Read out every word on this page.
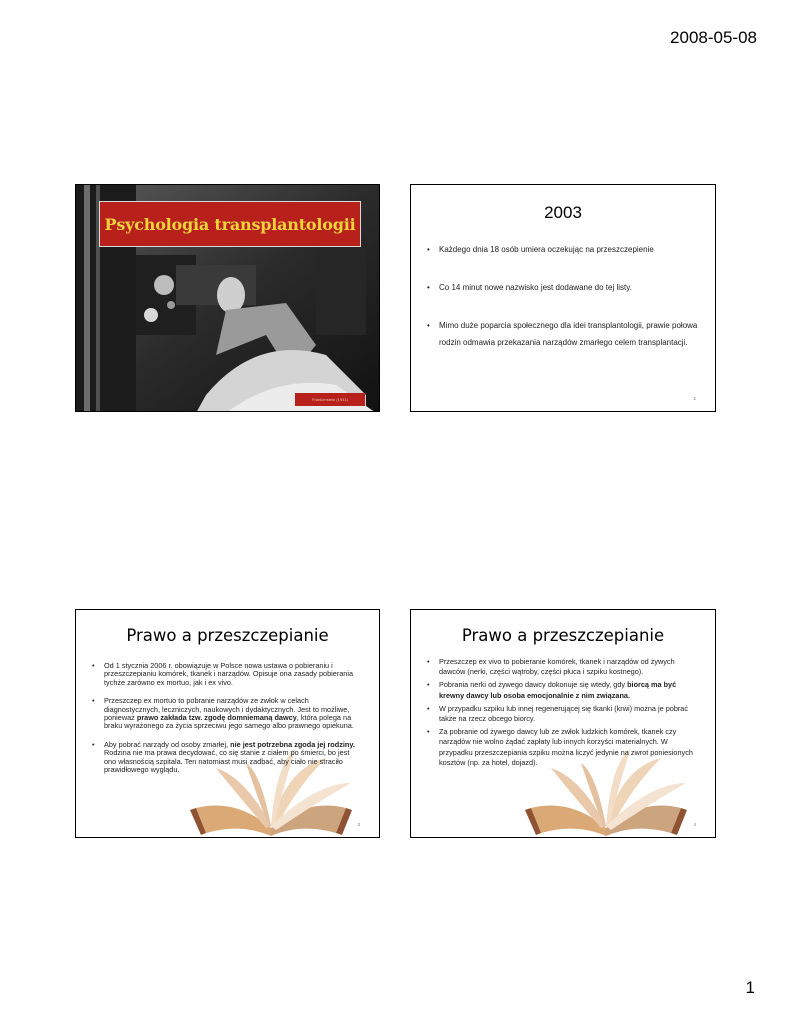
2008-05-08
Psychologia transplantologii
Frankenstein (1931)
2003
• Każdego dnia 18 osób umiera oczekując na przeszczepienie
• Co 14 minut nowe nazwisko jest dodawane do tej listy.
• Mimo duże poparcia społecznego dla idei transplantologii, prawie połowa rodzin odmawia przekazania narządów zmarłego celem transplantacji.
2
Prawo a przeszczepianie
• Od 1 stycznia 2006 r. obowiązuje w Polsce nowa ustawa o pobieraniu i przeszczepianiu komórek, tkanek i narządów. Opisuje ona zasady pobierania tychże zarówno ex mortuo, jak i ex vivo.
• Przeszczep ex mortuo to pobranie narządów ze zwłok w celach diagnostycznych, leczniczych, naukowych i dydaktycznych. Jest to możliwe, ponieważ prawo zakłada tzw. zgodę domniemaną dawcy, która polega na braku wyrażonego za życia sprzeciwu jego samego albo prawnego opiekuna.
• Aby pobrać narządy od osoby zmarłej, nie jest potrzebna zgoda jej rodziny. Rodzina nie ma prawa decydować, co się stanie z ciałem po śmierci, bo jest ono własnością szpitala. Ten natomiast musi zadbać, aby ciało nie straciło prawidłowego wyglądu.
3
Prawo a przeszczepianie
• Przeszczep ex vivo to pobieranie komórek, tkanek i narządów od żywych dawców (nerki, części wątroby, części płuca i szpiku kostnego).
• Pobrania nerki od żywego dawcy dokonuje się wtedy, gdy biorcą ma być krewny dawcy lub osoba emocjonalnie z nim związana.
• W przypadku szpiku lub innej regenerującej się tkanki (krwi) można je pobrać także na rzecz obcego biorcy.
• Za pobranie od żywego dawcy lub ze zwłok ludzkich komórek, tkanek czy narządów nie wolno żądać zapłaty lub innych korzyści materialnych. W przypadku przeszczepiania szpiku można liczyć jedynie na zwrot poniesionych kosztów (np. za hotel, dojazd).
4
1
